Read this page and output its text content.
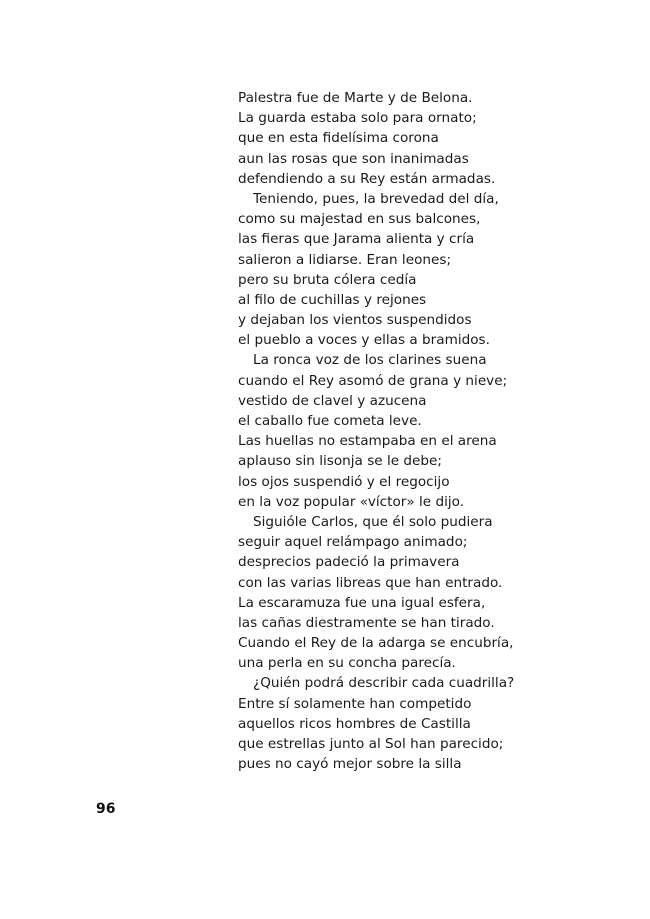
Palestra fue de Marte y de Belona.
La guarda estaba solo para ornato;
que en esta fidelísima corona
aun las rosas que son inanimadas
defendiendo a su Rey están armadas.
Teniendo, pues, la brevedad del día,
como su majestad en sus balcones,
las fieras que Jarama alienta y cría
salieron a lidiarse. Eran leones;
pero su bruta cólera cedía
al filo de cuchillas y rejones
y dejaban los vientos suspendidos
el pueblo a voces y ellas a bramidos.
La ronca voz de los clarines suena
cuando el Rey asomó de grana y nieve;
vestido de clavel y azucena
el caballo fue cometa leve.
Las huellas no estampaba en el arena
aplauso sin lisonja se le debe;
los ojos suspendió y el regocijo
en la voz popular «víctor» le dijo.
Siguióle Carlos, que él solo pudiera
seguir aquel relámpago animado;
desprecios padeció la primavera
con las varias libreas que han entrado.
La escaramuza fue una igual esfera,
las cañas diestramente se han tirado.
Cuando el Rey de la adarga se encubría,
una perla en su concha parecía.
¿Quién podrá describir cada cuadrilla?
Entre sí solamente han competido
aquellos ricos hombres de Castilla
que estrellas junto al Sol han parecido;
pues no cayó mejor sobre la silla
96
